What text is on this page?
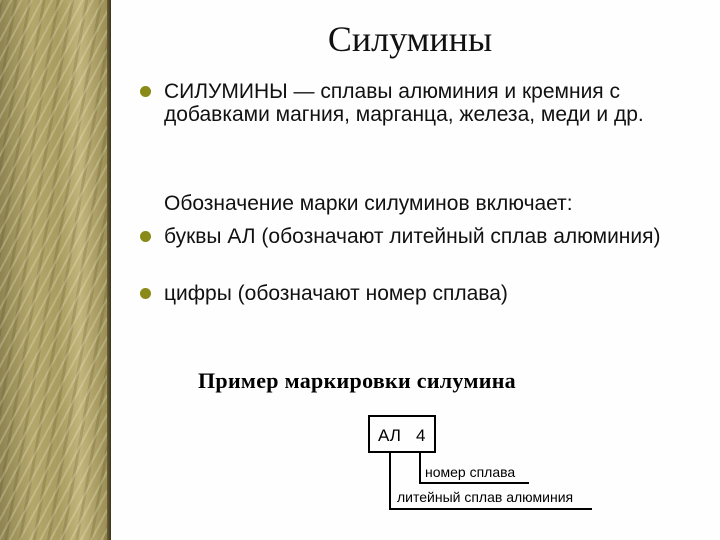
Силумины
СИЛУМИНЫ — сплавы алюминия и кремния с добавками магния, марганца, железа, меди и др.
Обозначение марки силуминов включает:
буквы АЛ (обозначают литейный сплав алюминия)
цифры (обозначают номер сплава)
Пример маркировки силумина
АЛ 4
номер сплава
литейный сплав алюминия
